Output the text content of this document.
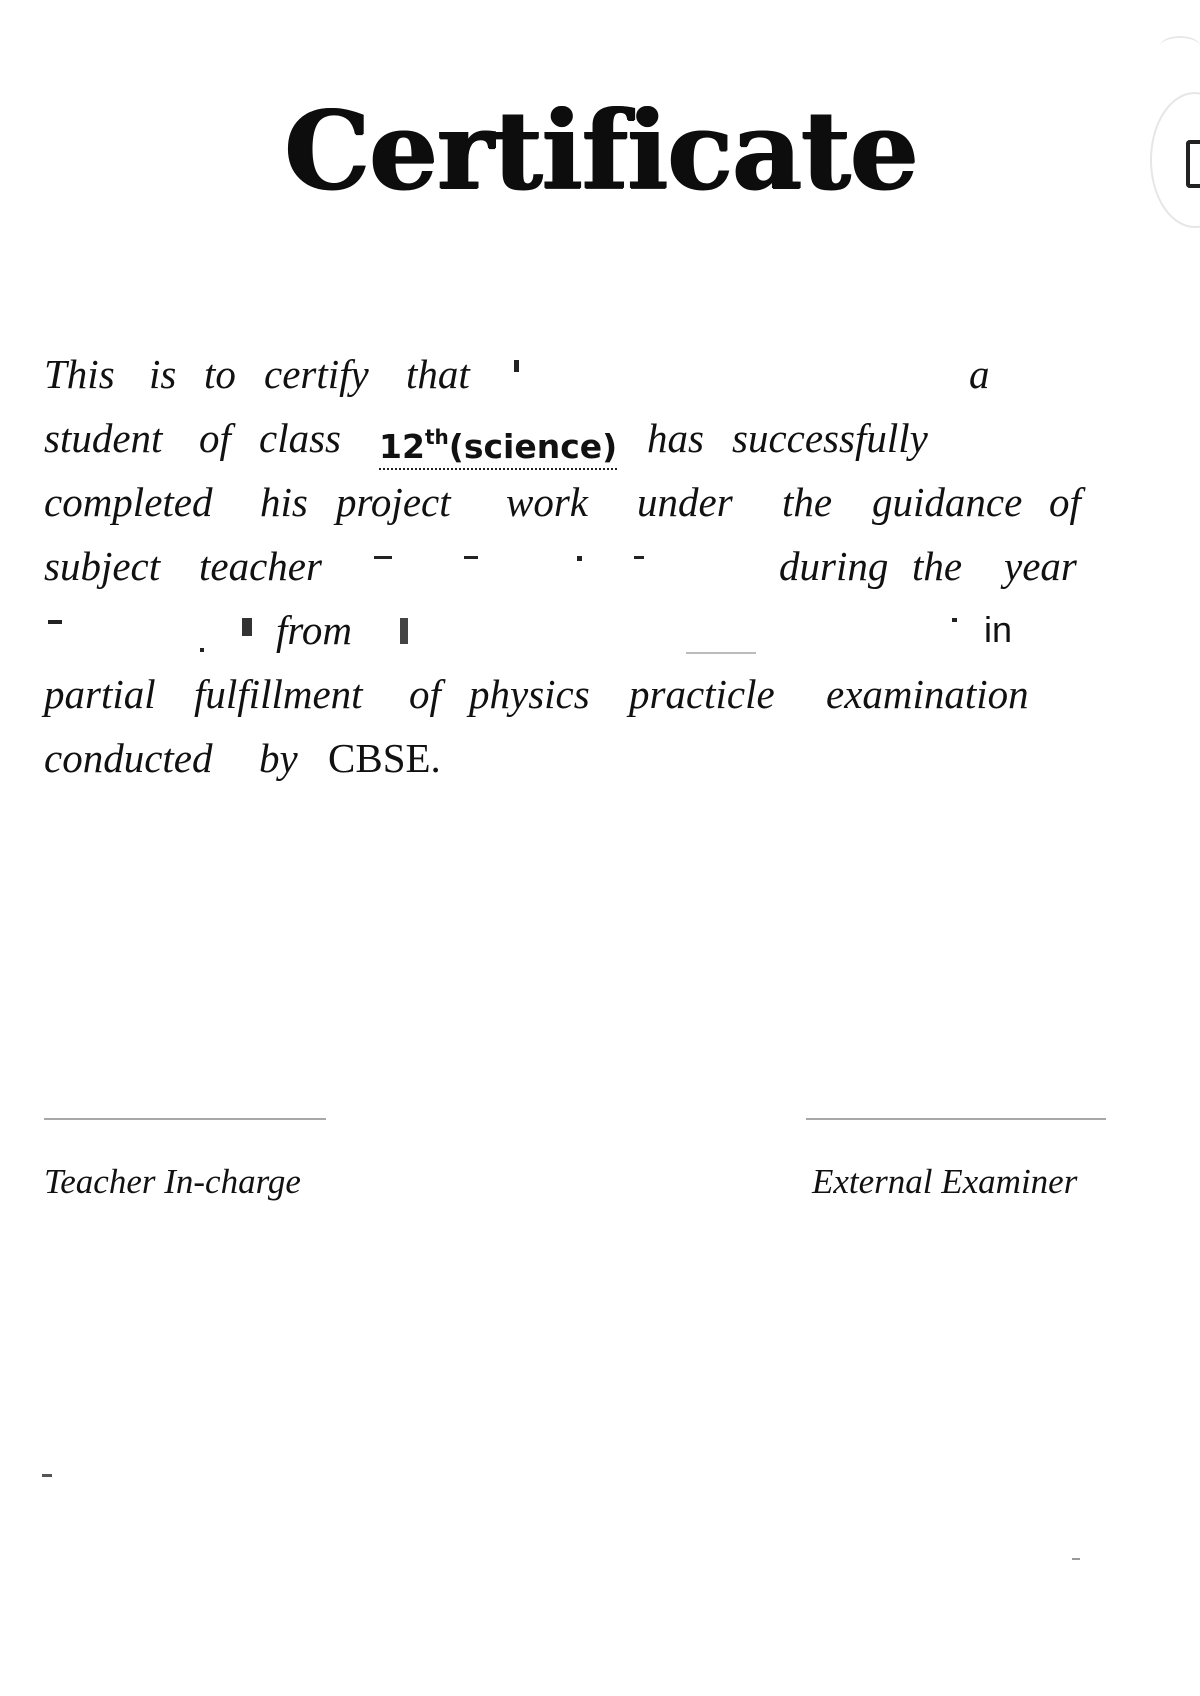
Certificate
This is to certify that	a
student of class 12th(science) has successfully
completed his project work under the guidance of
subject teacher	during the year
from	in
partial fulfillment of physics practicle examination
conducted by CBSE.
Teacher In-charge	External Examiner
